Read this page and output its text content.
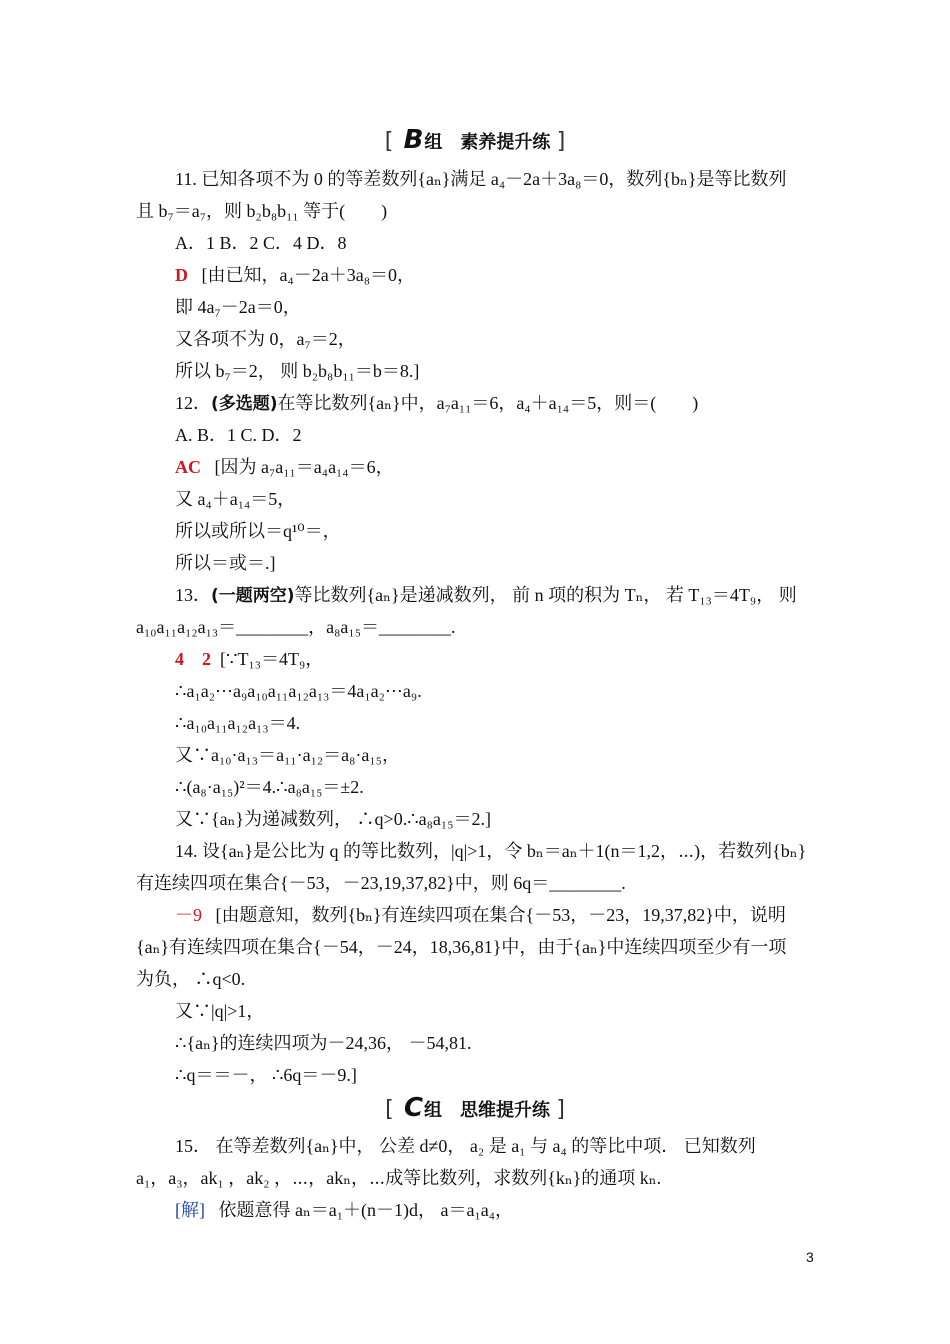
[ B 组　素养提升练 ]
11. 已知各项不为 0 的等差数列{aₙ}满足 a₄－2a＋3a₈＝0，数列{bₙ}是等比数列
且 b₇＝a₇，则 b₂b₈b₁₁ 等于(　　)
A．1 B．2 C．4 D．8
D [由已知，a₄－2a＋3a₈＝0，
即 4a₇－2a＝0，
又各项不为 0，a₇＝2，
所以 b₇＝2， 则 b₂b₈b₁₁＝b＝8.]
12．(多选题)在等比数列{aₙ}中，a₇a₁₁＝6，a₄＋a₁₄＝5，则＝(　　)
A. B．1 C. D．2
AC [因为 a₇a₁₁＝a₄a₁₄＝6，
又 a₄＋a₁₄＝5，
所以或所以＝q¹⁰＝，
所以＝或＝.]
13．(一题两空)等比数列{aₙ}是递减数列， 前 n 项的积为 Tₙ， 若 T₁₃＝4T₉， 则
a₁₀a₁₁a₁₂a₁₃＝________，a₈a₁₅＝________.
4　2 [∵T₁₃＝4T₉，
∴a₁a₂⋯a₉a₁₀a₁₁a₁₂a₁₃＝4a₁a₂⋯a₉.
∴a₁₀a₁₁a₁₂a₁₃＝4.
又∵a₁₀·a₁₃＝a₁₁·a₁₂＝a₈·a₁₅，
∴(a₈·a₁₅)²＝4.∴a₈a₁₅＝±2.
又∵{aₙ}为递减数列， ∴q>0.∴a₈a₁₅＝2.]
14. 设{aₙ}是公比为 q 的等比数列，|q|>1，令 bₙ＝aₙ＋1(n＝1,2，⋯)，若数列{bₙ}
有连续四项在集合{－53，－23,19,37,82}中，则 6q＝________.
－9 [由题意知，数列{bₙ}有连续四项在集合{－53，－23，19,37,82}中，说明
{aₙ}有连续四项在集合{－54，－24，18,36,81}中，由于{aₙ}中连续四项至少有一项
为负， ∴q<0.
又∵|q|>1，
∴{aₙ}的连续四项为－24,36， －54,81.
∴q＝＝－， ∴6q＝－9.]
[ C 组　思维提升练 ]
15． 在等差数列{aₙ}中， 公差 d≠0， a₂ 是 a₁ 与 a₄ 的等比中项． 已知数列
a₁，a₃，ak₁ ，ak₂ ，⋯，akₙ，⋯成等比数列，求数列{kₙ}的通项 kₙ.
[解] 依题意得 aₙ＝a₁＋(n－1)d， a＝a₁a₄，
3
